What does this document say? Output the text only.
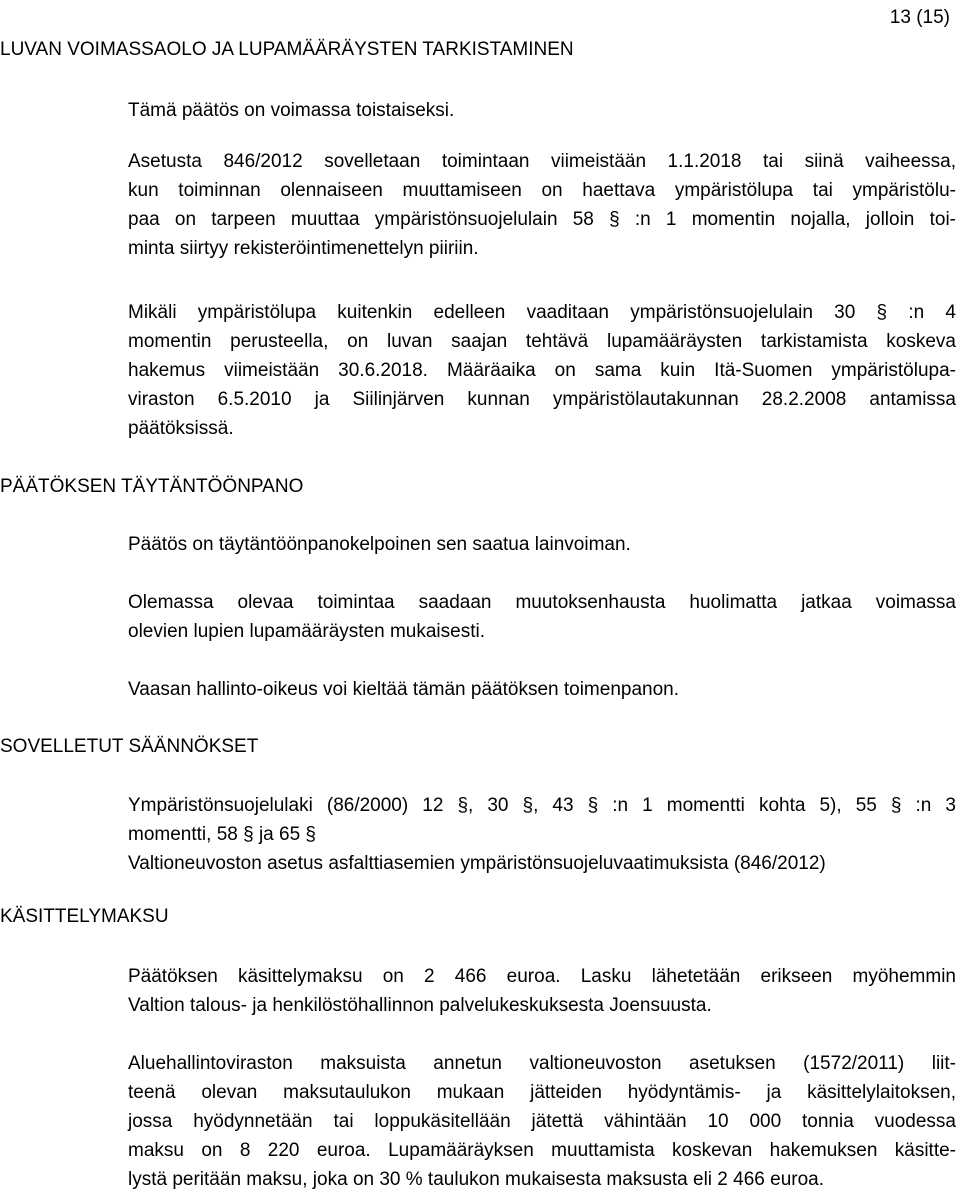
13 (15)
LUVAN VOIMASSAOLO JA LUPAMÄÄRÄYSTEN TARKISTAMINEN
Tämä päätös on voimassa toistaiseksi.
Asetusta 846/2012 sovelletaan toimintaan viimeistään 1.1.2018 tai siinä vaiheessa,
kun toiminnan olennaiseen muuttamiseen on haettava ympäristölupa tai ympäristölu-
paa on tarpeen muuttaa ympäristönsuojelulain 58 § :n 1 momentin nojalla, jolloin toi-
minta siirtyy rekisteröintimenettelyn piiriin.
Mikäli ympäristölupa kuitenkin edelleen vaaditaan ympäristönsuojelulain 30 § :n 4
momentin perusteella, on luvan saajan tehtävä lupamääräysten tarkistamista koskeva
hakemus viimeistään 30.6.2018. Määräaika on sama kuin Itä-Suomen ympäristölupa-
viraston 6.5.2010 ja Siilinjärven kunnan ympäristölautakunnan 28.2.2008 antamissa
päätöksissä.
PÄÄTÖKSEN TÄYTÄNTÖÖNPANO
Päätös on täytäntöönpanokelpoinen sen saatua lainvoiman.
Olemassa olevaa toimintaa saadaan muutoksenhausta huolimatta jatkaa voimassa
olevien lupien lupamääräysten mukaisesti.
Vaasan hallinto-oikeus voi kieltää tämän päätöksen toimenpanon.
SOVELLETUT SÄÄNNÖKSET
Ympäristönsuojelulaki (86/2000) 12 §, 30 §, 43 § :n 1 momentti kohta 5), 55 § :n 3
momentti, 58 § ja 65 §
Valtioneuvoston asetus asfalttiasemien ympäristönsuojeluvaatimuksista (846/2012)
KÄSITTELYMAKSU
Päätöksen käsittelymaksu on 2 466 euroa. Lasku lähetetään erikseen myöhemmin
Valtion talous- ja henkilöstöhallinnon palvelukeskuksesta Joensuusta.
Aluehallintoviraston maksuista annetun valtioneuvoston asetuksen (1572/2011) liit-
teenä olevan maksutaulukon mukaan jätteiden hyödyntämis- ja käsittelylaitoksen,
jossa hyödynnetään tai loppukäsitellään jätettä vähintään 10 000 tonnia vuodessa
maksu on 8 220 euroa. Lupamääräyksen muuttamista koskevan hakemuksen käsitte-
lystä peritään maksu, joka on 30 % taulukon mukaisesta maksusta eli 2 466 euroa.
